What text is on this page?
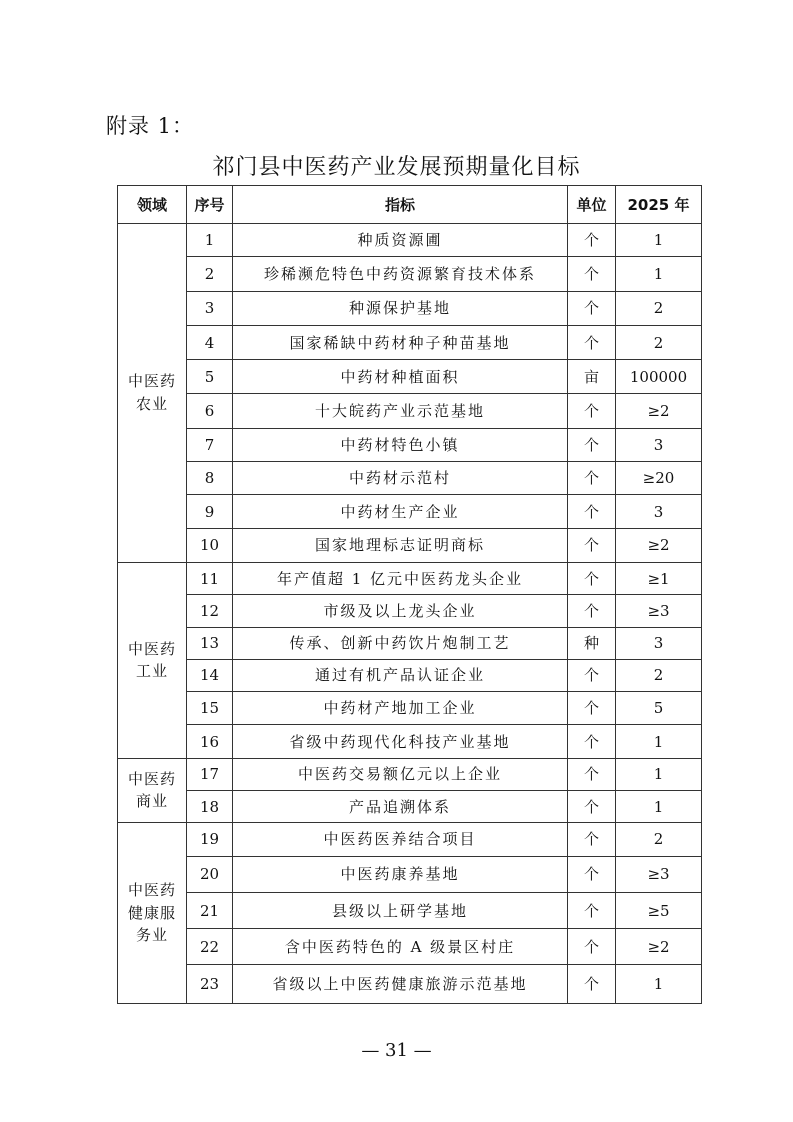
附录 1：
祁门县中医药产业发展预期量化目标
领域	序号	指标	单位	2025 年

中医药
农业	1	种质资源圃	个	1
	2	珍稀濒危特色中药资源繁育技术体系	个	1
	3	种源保护基地	个	2
	4	国家稀缺中药材种子种苗基地	个	2
	5	中药材种植面积	亩	100000
	6	十大皖药产业示范基地	个	≥2
	7	中药材特色小镇	个	3
	8	中药材示范村	个	≥20
	9	中药材生产企业	个	3
	10	国家地理标志证明商标	个	≥2

中医药
工业	11	年产值超 1 亿元中医药龙头企业	个	≥1
	12	市级及以上龙头企业	个	≥3
	13	传承、创新中药饮片炮制工艺	种	3
	14	通过有机产品认证企业	个	2
	15	中药材产地加工企业	个	5
	16	省级中药现代化科技产业基地	个	1

中医药
商业	17	中医药交易额亿元以上企业	个	1
	18	产品追溯体系	个	1

中医药
健康服
务业	19	中医药医养结合项目	个	2
	20	中医药康养基地	个	≥3
	21	县级以上研学基地	个	≥5
	22	含中医药特色的 A 级景区村庄	个	≥2
	23	省级以上中医药健康旅游示范基地	个	1
— 31 —
